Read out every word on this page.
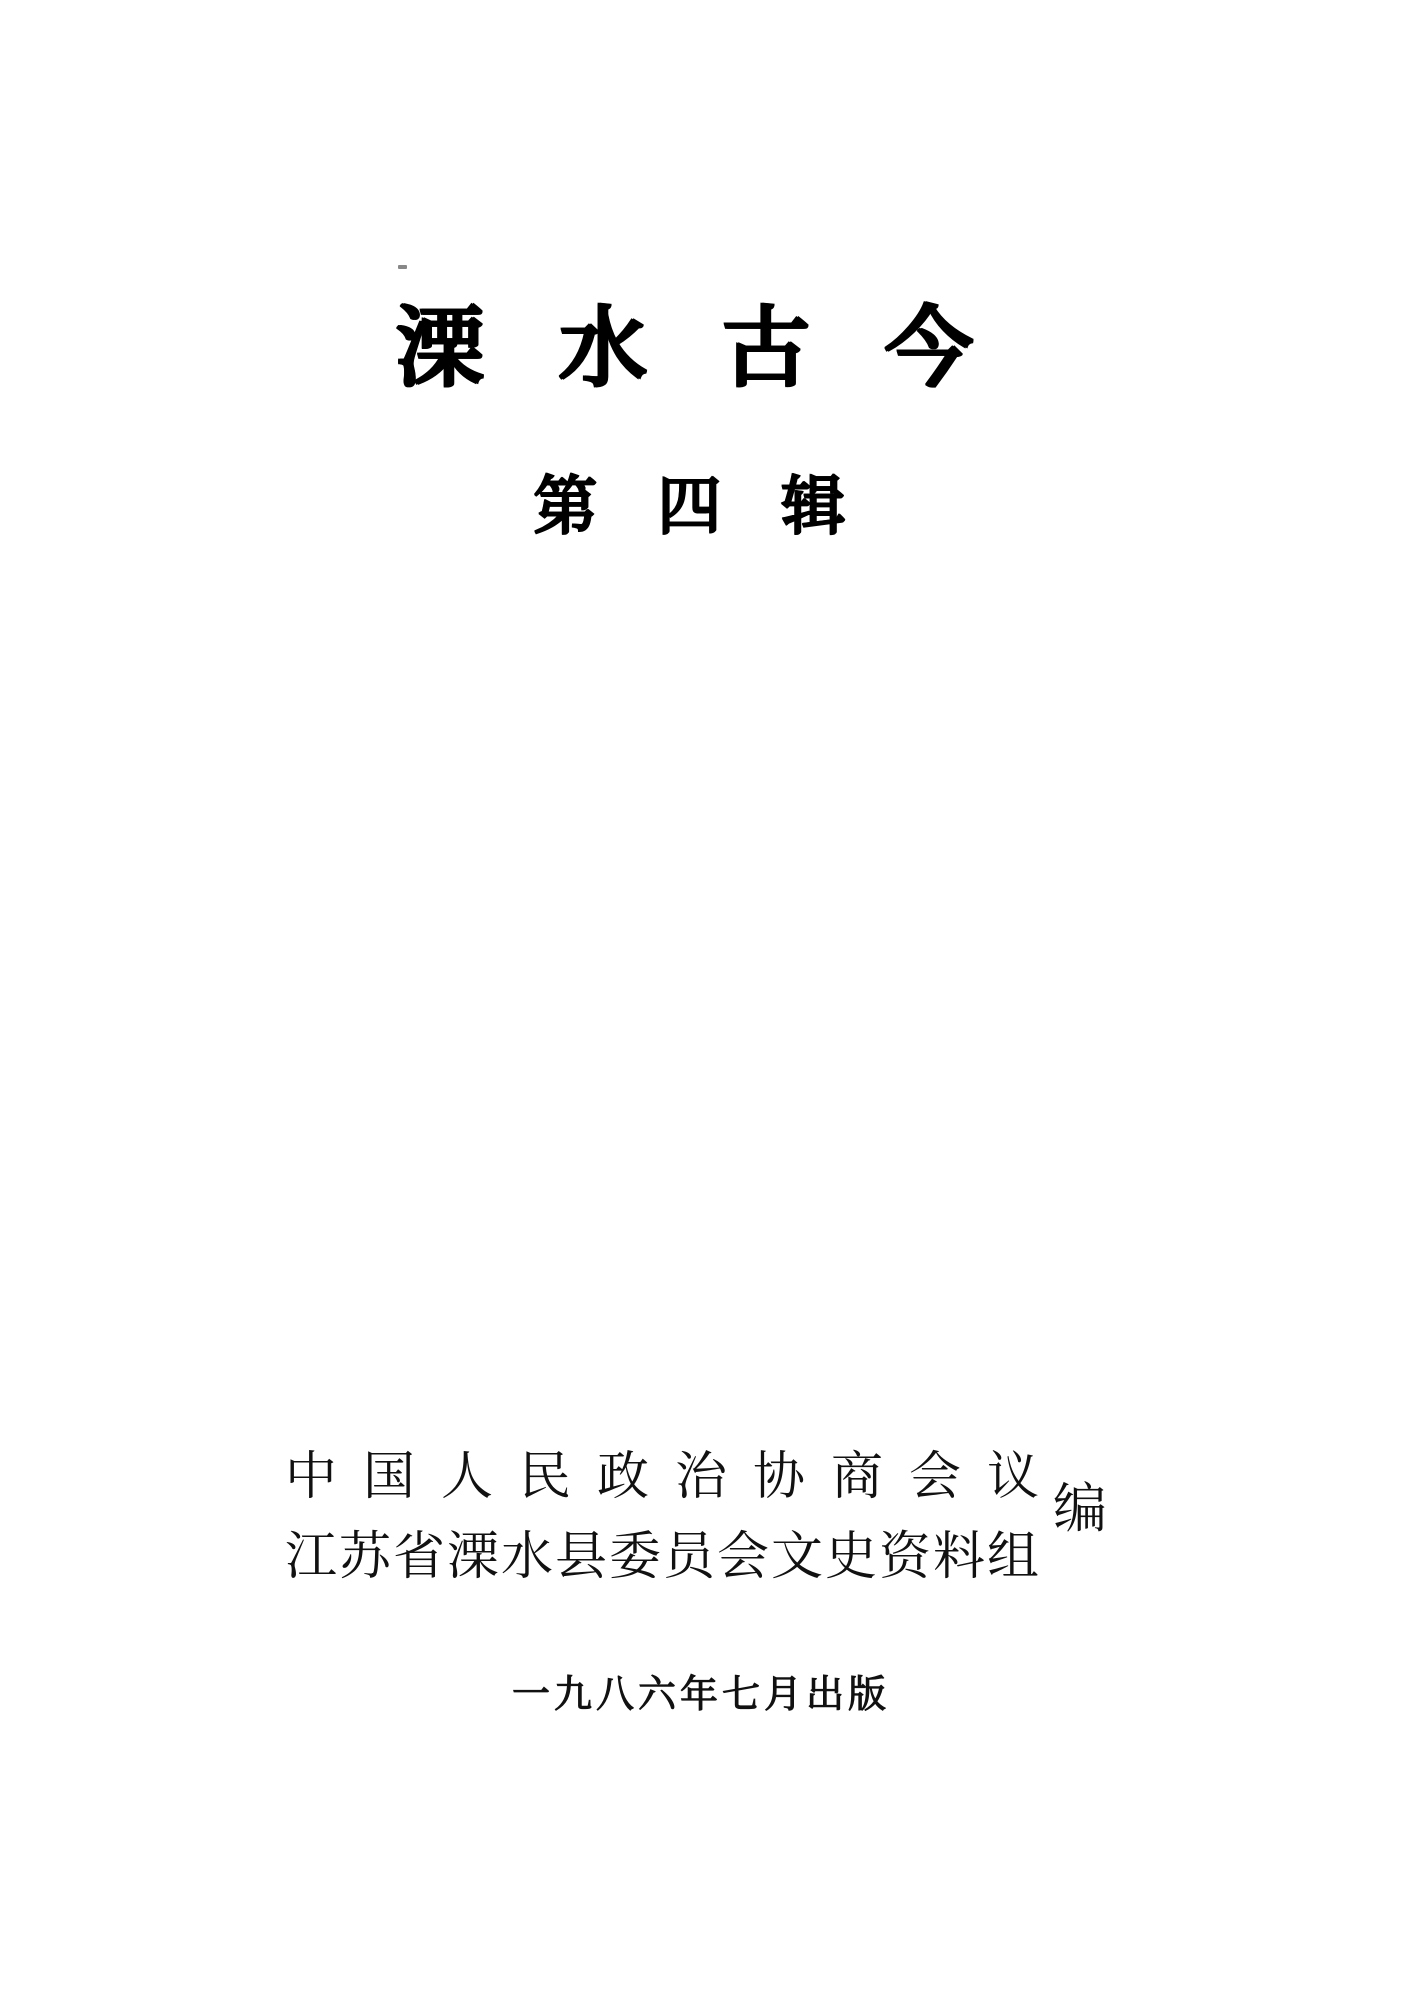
溧水古今
第四辑
中国人民政治协商会议
江苏省溧水县委员会文史资料组
编
一九八六年七月出版
